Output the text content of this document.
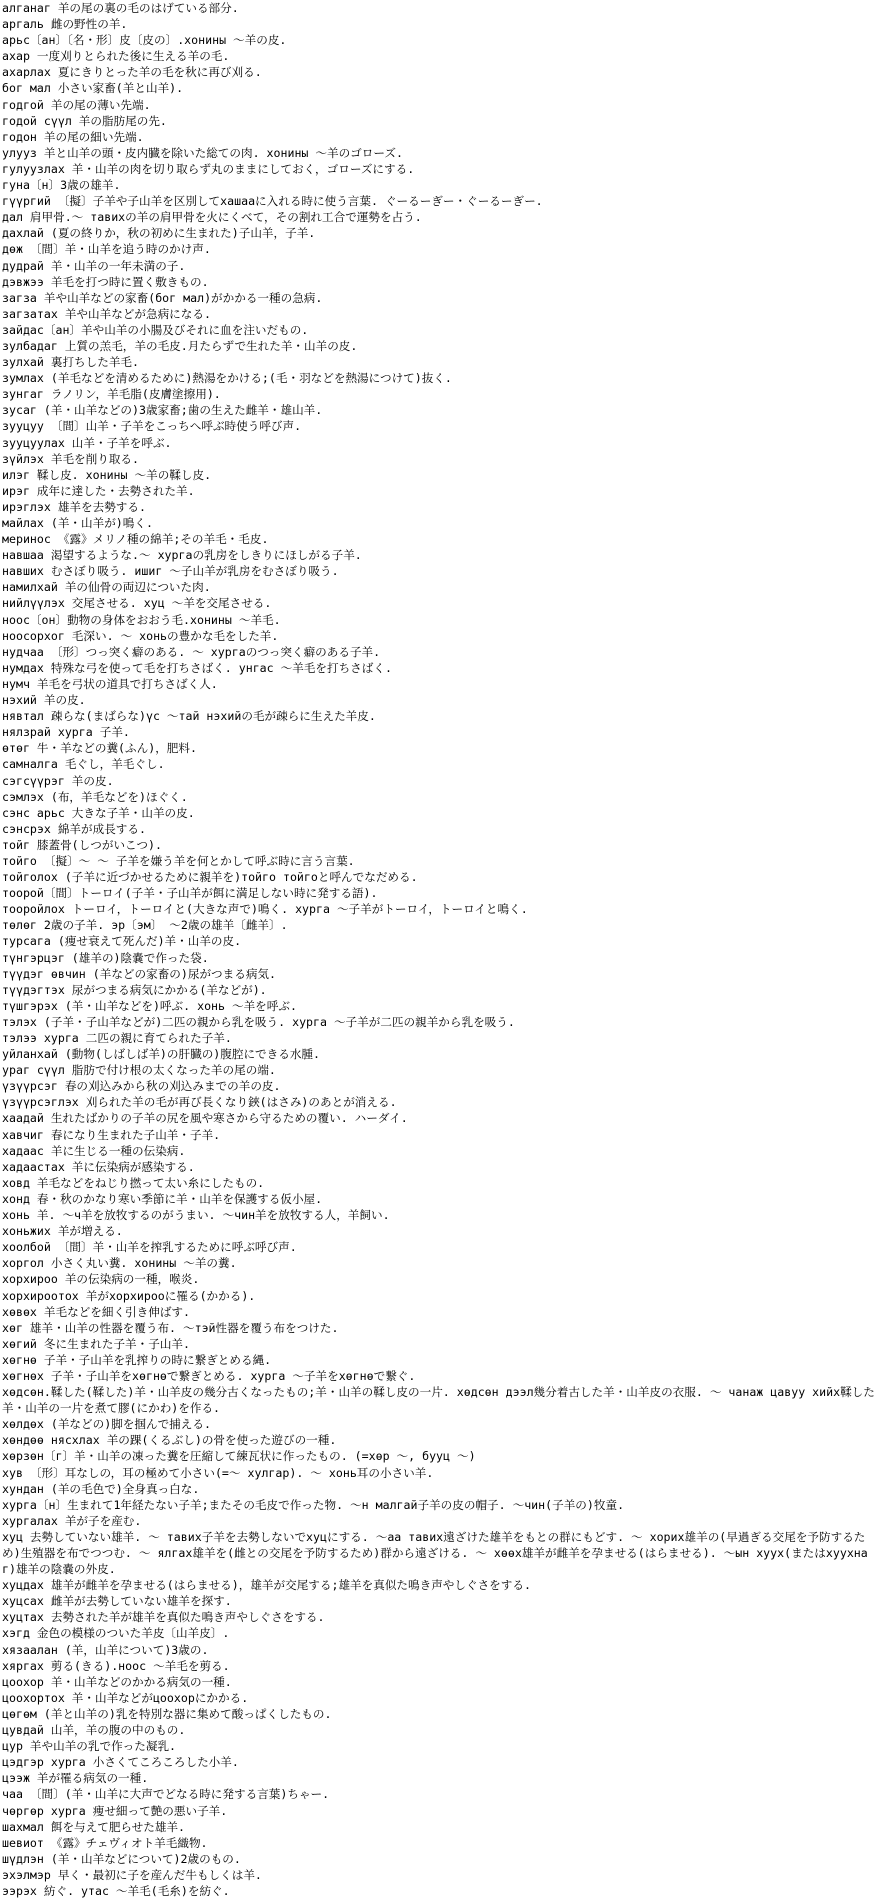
алганаг 羊の尾の裏の毛のはげている部分.
аргаль 雌の野性の羊.
арьс〔ан〕〔名・形〕皮〔皮の〕.хонины ～羊の皮.
ахар 一度刈りとられた後に生える羊の毛.
ахарлах 夏にきりとった羊の毛を秋に再び刈る.
бог мал 小さい家畜(羊と山羊).
годгой 羊の尾の薄い先端.
годой сүүл 羊の脂肪尾の先.
годон 羊の尾の細い先端.
улууз 羊と山羊の頭・皮内臓を除いた総ての肉. хонины ～羊のゴローズ.
гулуузлах 羊・山羊の肉を切り取らず丸のままにしておく，ゴローズにする.
гуна〔н〕3歳の雄羊.
гүүргий 〔擬〕子羊や子山羊を区別してхашааに入れる時に使う言葉. ぐーるーぎー・ぐーるーぎー.
дал 肩甲骨.～ тавихの羊の肩甲骨を火にくべて，その割れ工合で運勢を占う.
дахлай (夏の終りか，秋の初めに生まれた)子山羊，子羊.
дөж 〔間〕羊・山羊を追う時のかけ声.
дудрай 羊・山羊の一年未満の子.
дэвжээ 羊毛を打つ時に置く敷きもの.
загза 羊や山羊などの家畜(бог мал)がかかる一種の急病.
загзатах 羊や山羊などが急病になる.
зайдас〔ан〕羊や山羊の小腸及びそれに血を注いだもの.
зулбадаг 上質の羔毛，羊の毛皮.月たらずで生れた羊・山羊の皮.
зулхай 裏打ちした羊毛.
зумлах (羊毛などを清めるために)熱湯をかける;(毛・羽などを熱湯につけて)抜く.
зунгаг ラノリン，羊毛脂(皮膚塗擦用).
зусаг (羊・山羊などの)3歳家畜;歯の生えた雌羊・雄山羊.
зууцуу 〔間〕山羊・子羊をこっちへ呼ぶ時使う呼び声.
зууцуулах 山羊・子羊を呼ぶ.
зүйлэх 羊毛を削り取る.
илэг 鞣し皮. хонины ～羊の鞣し皮.
ирэг 成年に達した・去勢された羊.
ирэглэх 雄羊を去勢する.
майлах (羊・山羊が)鳴く.
меринос 《露》メリノ種の綿羊;その羊毛・毛皮.
навшаа 渇望するような.～ хургаの乳房をしきりにほしがる子羊.
навших むさぼり吸う. ишиг ～子山羊が乳房をむさぼり吸う.
намилхай 羊の仙骨の両辺についた肉.
нийлүүлэх 交尾させる. хуц ～羊を交尾させる.
ноос〔он〕動物の身体をおおう毛.хонины ～羊毛.
ноосорхог 毛深い. ～ хоньの豊かな毛をした羊.
нудчаа 〔形〕つっ突く癖のある. ～ хургаのつっ突く癖のある子羊.
нумдах 特殊な弓を使って毛を打ちさばく. унгас ～羊毛を打ちさばく.
нумч 羊毛を弓状の道具で打ちさばく人.
нэхий 羊の皮.
нявтал 疎らな(まばらな)үс ～тай нэхийの毛が疎らに生えた羊皮.
нялзрай хурга 子羊.
өтөг 牛・羊などの糞(ふん)，肥料.
самналга 毛ぐし，羊毛ぐし.
сэгсүүрэг 羊の皮.
сэмлэх (布，羊毛などを)ほぐく.
сэнс арьс 大きな子羊・山羊の皮.
сэнсрэх 綿羊が成長する.
тойг 膝蓋骨(しつがいこつ).
тойго 〔擬〕～ ～ 子羊を嫌う羊を何とかして呼ぶ時に言う言葉.
тойголох (子羊に近づかせるために親羊を)тойго тойгоと呼んでなだめる.
тоорой〔間〕トーロイ(子羊・子山羊が餌に満足しない時に発する語).
тооройлох トーロイ，トーロイと(大きな声で)鳴く. хурга ～子羊がトーロイ，トーロイと鳴く.
төлөг 2歳の子羊. эр〔эм〕 ～2歳の雄羊〔雌羊〕.
турсага (痩せ衰えて死んだ)羊・山羊の皮.
түнгэрцэг (雄羊の)陰嚢で作った袋.
түүдэг өвчин (羊などの家畜の)尿がつまる病気.
түүдэгтэх 尿がつまる病気にかかる(羊などが).
түшгэрэх (羊・山羊などを)呼ぶ. хонь ～羊を呼ぶ.
тэлэх (子羊・子山羊などが)二匹の親から乳を吸う. хурга ～子羊が二匹の親羊から乳を吸う.
тэлээ хурга 二匹の親に育てられた子羊.
уйланхай (動物(しばしば羊)の肝臓の)腹腔にできる水腫.
ураг сүүл 脂肪で付け根の太くなった羊の尾の端.
үзүүрсэг 春の刈込みから秋の刈込みまでの羊の皮.
үзүүрсэглэх 刈られた羊の毛が再び長くなり鋏(はさみ)のあとが消える.
хаадай 生れたばかりの子羊の尻を風や寒さから守るための覆い. ハーダイ.
хавчиг 春になり生まれた子山羊・子羊.
хадаас 羊に生じる一種の伝染病.
хадаастах 羊に伝染病が感染する.
ховд 羊毛などをねじり撚って太い糸にしたもの.
хонд 春・秋のかなり寒い季節に羊・山羊を保護する仮小屋.
хонь 羊. ～ч羊を放牧するのがうまい. ～чин羊を放牧する人，羊飼い.
хоньжих 羊が増える.
хоолбой 〔間〕羊・山羊を搾乳するために呼ぶ呼び声.
хоргол 小さく丸い糞. хонины ～羊の糞.
хорхирoo 羊の伝染病の一種，喉炎.
хорхироотох 羊がхорхирооに罹る(かかる).
хөвөх 羊毛などを細く引き伸ばす.
хөг 雄羊・山羊の性器を覆う布. ～тэй性器を覆う布をつけた.
хөгий 冬に生まれた子羊・子山羊.
хөгнө 子羊・子山羊を乳搾りの時に繋ぎとめる縄.
хөгнөх 子羊・子山羊をхөгнөで繋ぎとめる. хурга ～子羊をхөгнөで繋ぐ.
хөдсөн.鞣した(鞣した)羊・山羊皮の幾分古くなったもの;羊・山羊の鞣し皮の一片. хөдсөн дээл幾分着古した羊・山羊皮の衣服. ～ чанаж цавуу хийх鞣した羊・山羊の一片を煮て膠(にかわ)を作る.
хөлдөх (羊などの)脚を掴んで捕える.
хөндөө нясхлах 羊の踝(くるぶし)の骨を使った遊びの一種.
хөрзөн〔г〕羊・山羊の凍った糞を圧縮して練瓦状に作ったもの. (=хөр ～, бууц ～)
хув 〔形〕耳なしの，耳の極めて小さい(=～ хулгар). ～ хонь耳の小さい羊.
хундан (羊の毛色で)全身真っ白な.
хурга〔н〕生まれて1年経たない子羊;またその毛皮で作った物. ～н малгай子羊の皮の帽子. ～чин(子羊の)牧童.
хургалах 羊が子を産む.
хуц 去勢していない雄羊. ～ тавих子羊を去勢しないでхуцにする. ～аа тавих遠ざけた雄羊をもとの群にもどす. ～ хорих雄羊の(早過ぎる交尾を予防するため)生殖器を布でつつむ. ～ ялгах雄羊を(雌との交尾を予防するため)群から遠ざける. ～ хөөх雄羊が雌羊を孕ませる(はらませる). ～ын хууx(またはхууxнаг)雄羊の陰嚢の外皮.
хуцдах 雄羊が雌羊を孕ませる(はらませる)，雄羊が交尾する;雄羊を真似た鳴き声やしぐさをする.
хуцсах 雌羊が去勢していない雄羊を探す.
хуцтах 去勢された羊が雄羊を真似た鳴き声やしぐさをする.
хэгд 金色の模様のついた羊皮〔山羊皮〕.
хязаалан (羊，山羊について)3歳の.
хяргах 剪る(きる).ноос ～羊毛を剪る.
цоохор 羊・山羊などのかかる病気の一種.
цоохортох 羊・山羊などがцоохорにかかる.
цөгөм (羊と山羊の)乳を特別な器に集めて酸っぱくしたもの.
цувдай 山羊，羊の腹の中のもの.
цур 羊や山羊の乳で作った凝乳.
цэдгэр хурга 小さくてころころした小羊.
цээж 羊が罹る病気の一種.
чаа 〔間〕(羊・山羊に大声でどなる時に発する言葉)ちゃー.
чөргөр хурга 痩せ細って艶の悪い子羊.
шахмал 餌を与えて肥らせた雄羊.
шевиот 《露》チェヴィオト羊毛織物.
шүдлэн (羊・山羊などについて)2歳のもの.
эхэлмэр 早く・最初に子を産んだ牛もしくは羊.
ээрэх 紡ぐ. утас ～羊毛(毛糸)を紡ぐ.
